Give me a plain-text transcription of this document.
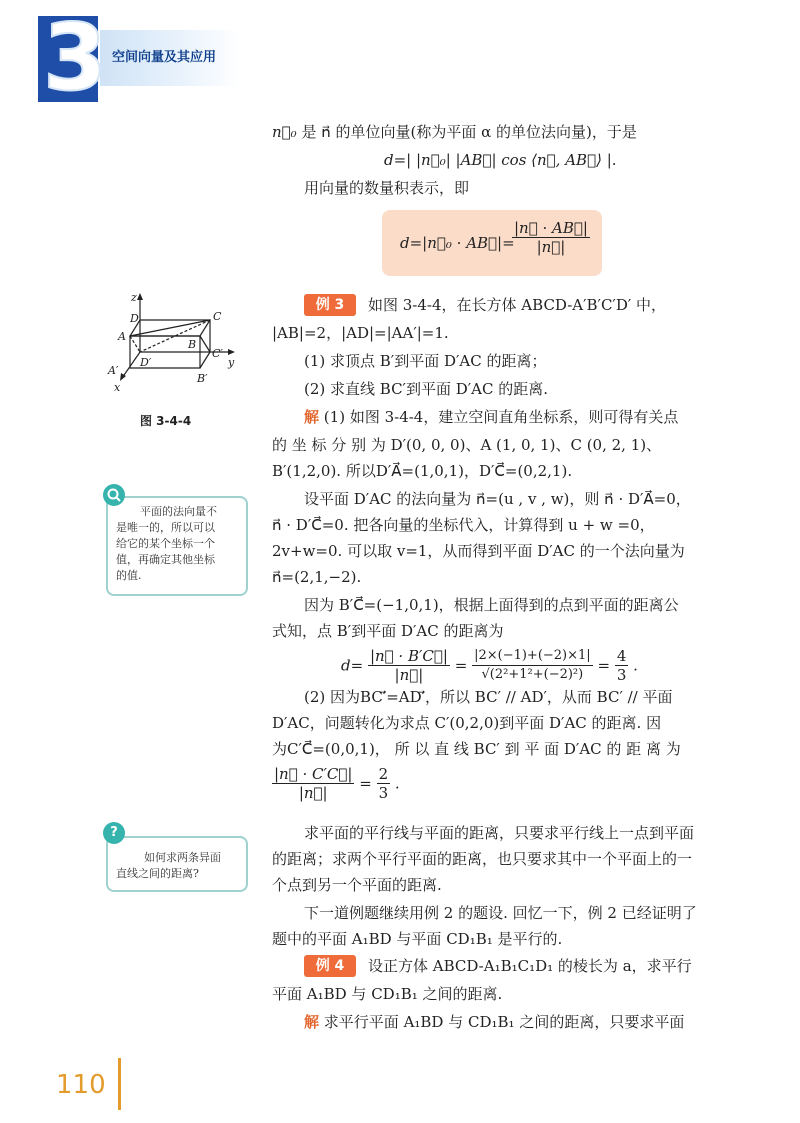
3 空间向量及其应用
n⃗₀ 是 n⃗ 的单位向量(称为平面 α 的单位法向量)，于是
d=| |n⃗₀| |AB⃗| cos ⟨n⃗, AB⃗⟩ |.
用向量的数量积表示，即
d=|n⃗₀ · AB⃗|=
$\frac{|n⃗ \cdot AB⃗|}{|n⃗|}$
z
y
x
A
B
C
D
A′
B′
C′
D′
图 3-4-4
例 3	如图 3-4-4，在长方体 ABCD-A′B′C′D′ 中，
|AB|=2，|AD|=|AA′|=1.
(1) 求顶点 B′到平面 D′AC 的距离；
(2) 求直线 BC′到平面 D′AC 的距离.
解 (1) 如图 3-4-4，建立空间直角坐标系，则可得有关点
的 坐 标 分 别 为 D′(0, 0, 0)、A (1, 0, 1)、C (0, 2, 1)、
B′(1,2,0). 所以D′A⃗=(1,0,1)，D′C⃗=(0,2,1).
设平面 D′AC 的法向量为 n⃗=(u , v , w)，则 n⃗ · D′A⃗=0，
n⃗ · D′C⃗=0. 把各向量的坐标代入，计算得到 u + w =0，
2v+w=0. 可以取 v=1，从而得到平面 D′AC 的一个法向量为
n⃗=(2,1,−2).
因为 B′C⃗=(−1,0,1)，根据上面得到的点到平面的距离公
式知，点 B′到平面 D′AC 的距离为
$d= \frac{|n⃗ \cdot B'C⃗|}{|n⃗|} = \frac{|2\times(-1)+(-2)\times 1|}{\text{√(2²+1²+(−2)²)}} = \frac{4}{3}$ .
(2) 因为BC′⃗=AD′⃗，所以 BC′ // AD′，从而 BC′ // 平面
D′AC，问题转化为求点 C′(0,2,0)到平面 D′AC 的距离. 因
为C′C⃗=(0,0,1)， 所 以 直 线 BC′ 到 平 面 D′AC 的 距 离 为
$\frac{|n⃗ \cdot C'C⃗|}{|n⃗|} = \frac{2}{3}$ .
求平面的平行线与平面的距离，只要求平行线上一点到平面
的距离；求两个平行平面的距离，也只要求其中一个平面上的一
个点到另一个平面的距离.
下一道例题继续用例 2 的题设. 回忆一下，例 2 已经证明了
题中的平面 A₁BD 与平面 CD₁B₁ 是平行的.
例 4	设正方体 ABCD-A₁B₁C₁D₁ 的棱长为 a，求平行
平面 A₁BD 与 CD₁B₁ 之间的距离.
解 求平行平面 A₁BD 与 CD₁B₁ 之间的距离，只要求平面
平面的法向量不
是唯一的，所以可以
给它的某个坐标一个
值，再确定其他坐标
的值.
?
如何求两条异面
直线之间的距离?
110
